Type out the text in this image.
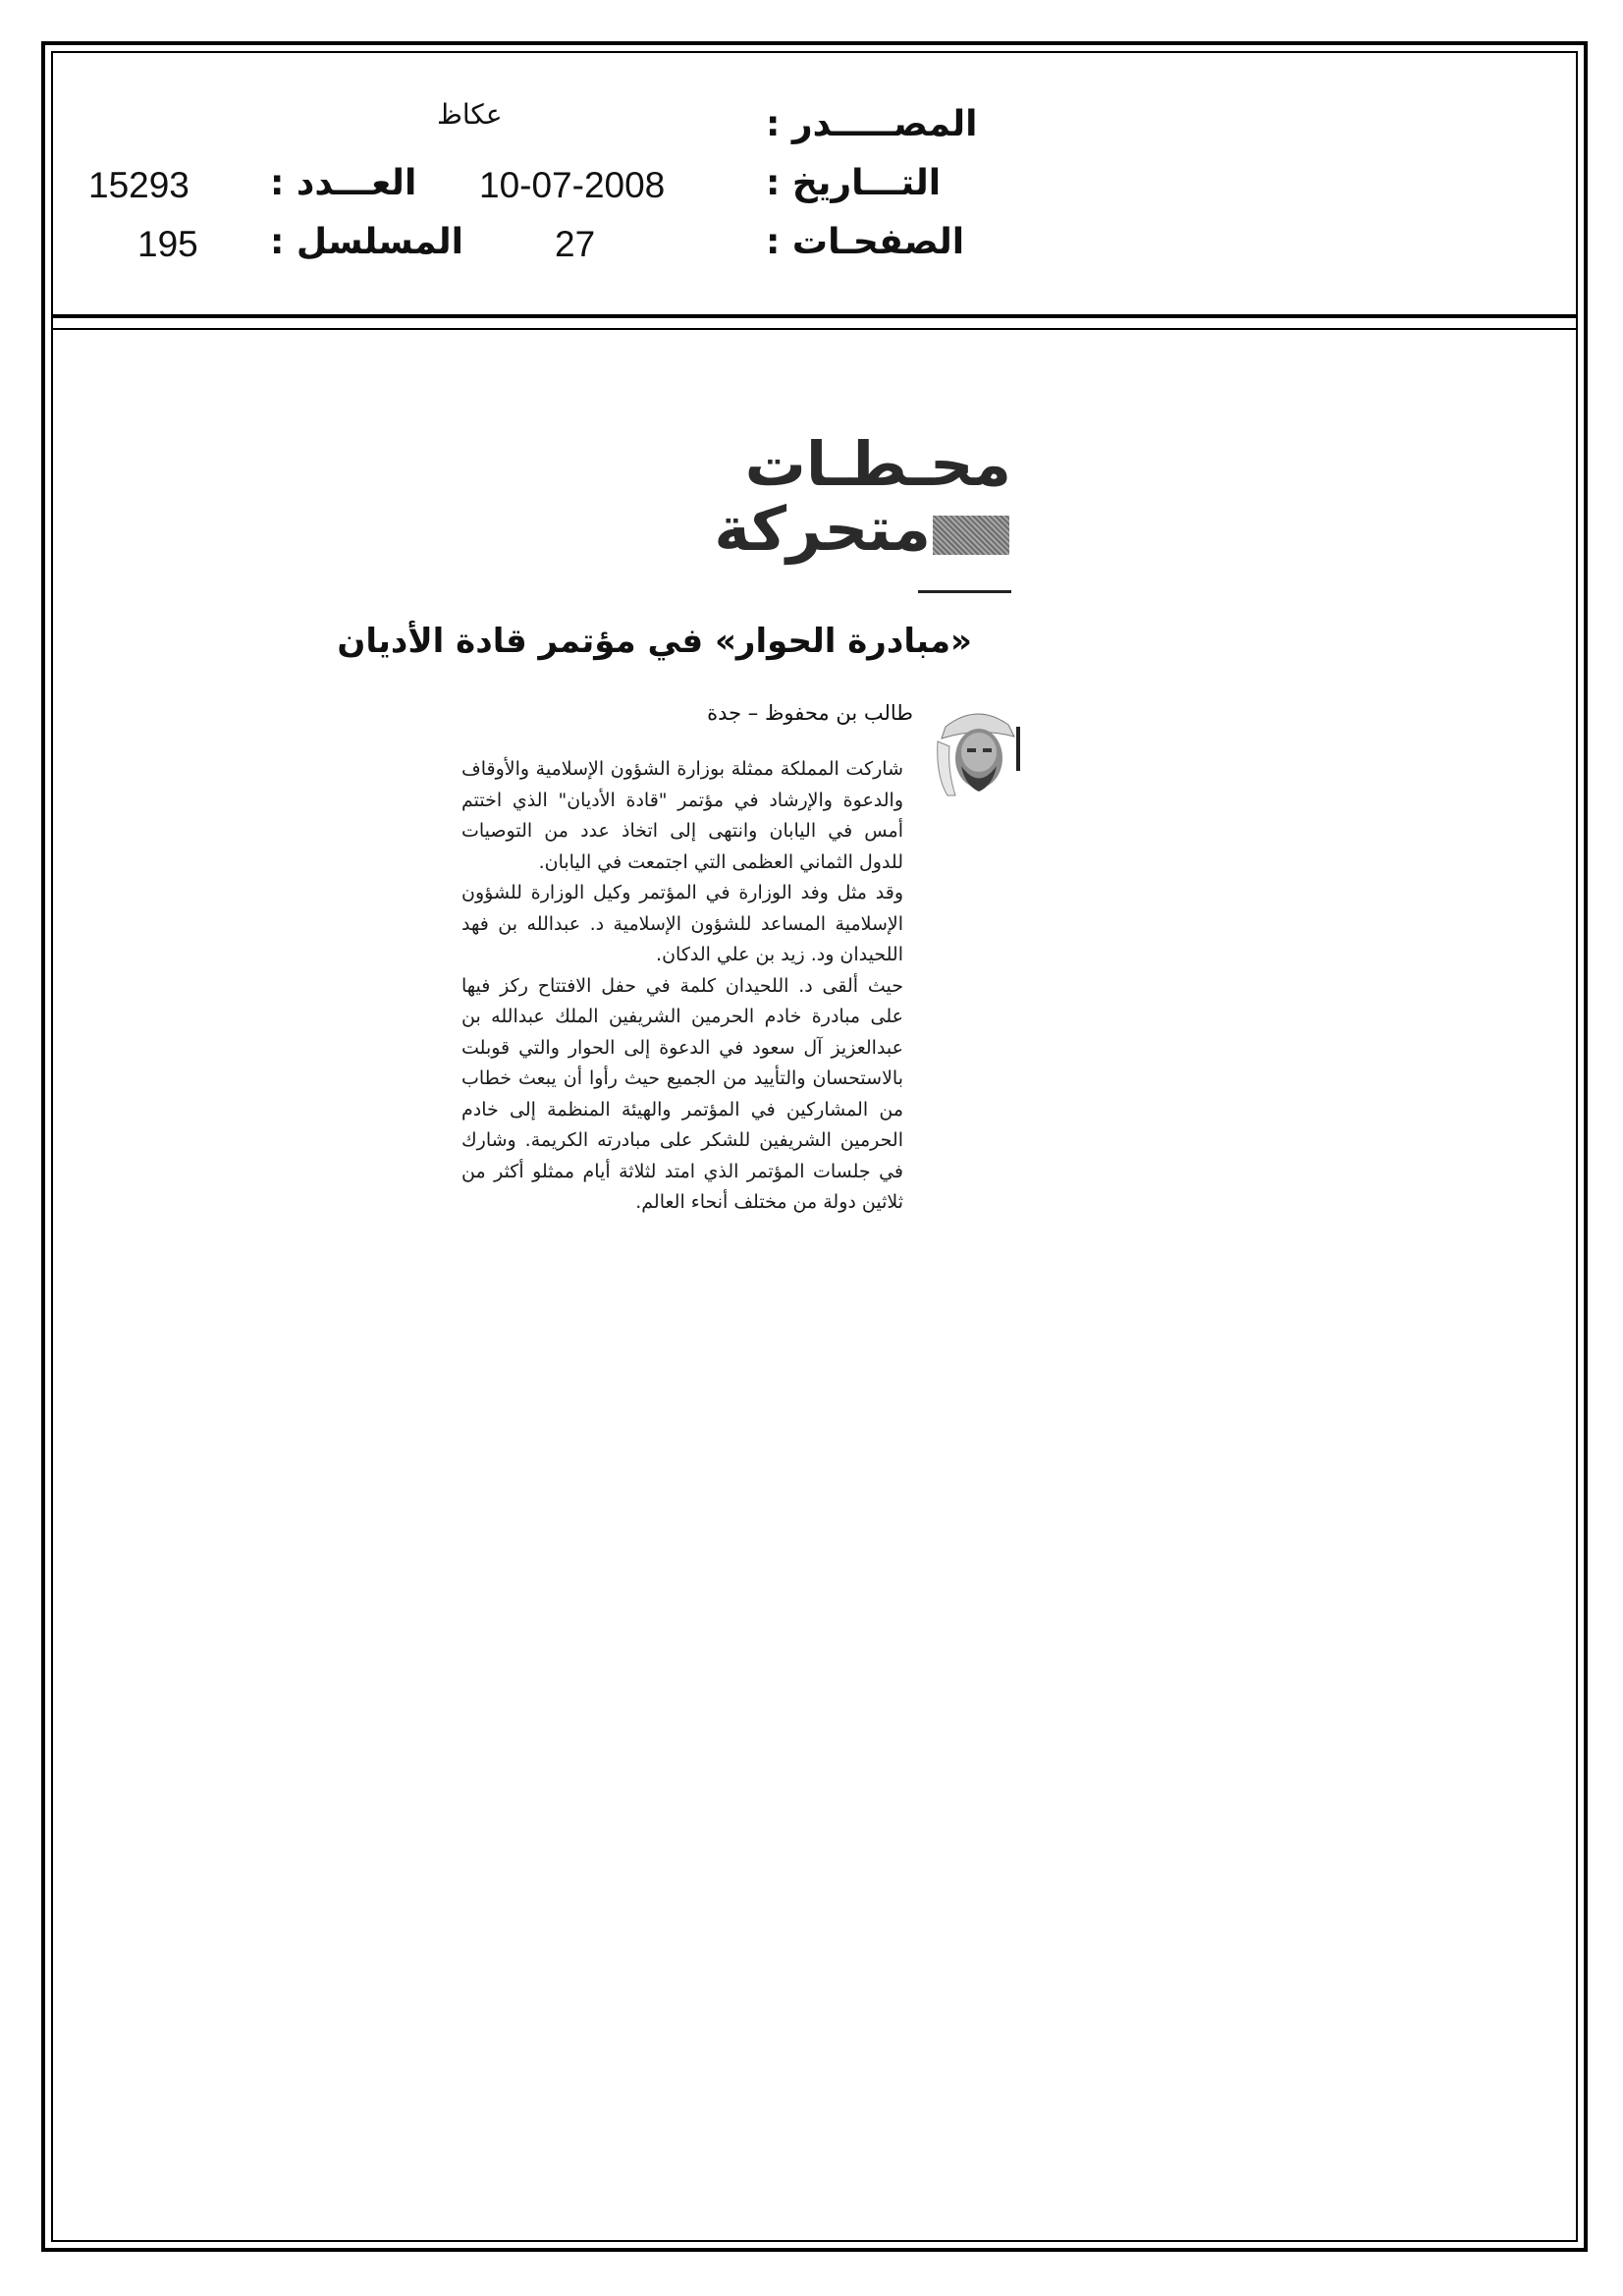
المصـــــدر :
عكاظ
التـــاريخ :
10-07-2008
العـــدد :
15293
الصفحـات :
27
المسلسل :
195
محـطـات
متحركة
«مبادرة الحوار» في مؤتمر قادة الأديان
طالب بن محفوظ – جدة

شاركت المملكة ممثلة بوزارة الشؤون الإسلامية والأوقاف والدعوة والإرشاد في مؤتمر "قادة الأديان" الذي اختتم أمس في اليابان وانتهى إلى اتخاذ عدد من التوصيات للدول الثماني العظمى التي اجتمعت في اليابان.

وقد مثل وفد الوزارة في المؤتمر وكيل الوزارة للشؤون الإسلامية المساعد للشؤون الإسلامية د. عبدالله بن فهد اللحيدان ود. زيد بن علي الدكان.

حيث ألقى د. اللحيدان كلمة في حفل الافتتاح ركز فيها على مبادرة خادم الحرمين الشريفين الملك عبدالله بن عبدالعزيز آل سعود في الدعوة إلى الحوار والتي قوبلت بالاستحسان والتأييد من الجميع حيث رأوا أن يبعث خطاب من المشاركين في المؤتمر والهيئة المنظمة إلى خادم الحرمين الشريفين للشكر على مبادرته الكريمة. وشارك في جلسات المؤتمر الذي امتد لثلاثة أيام ممثلو أكثر من ثلاثين دولة من مختلف أنحاء العالم.
